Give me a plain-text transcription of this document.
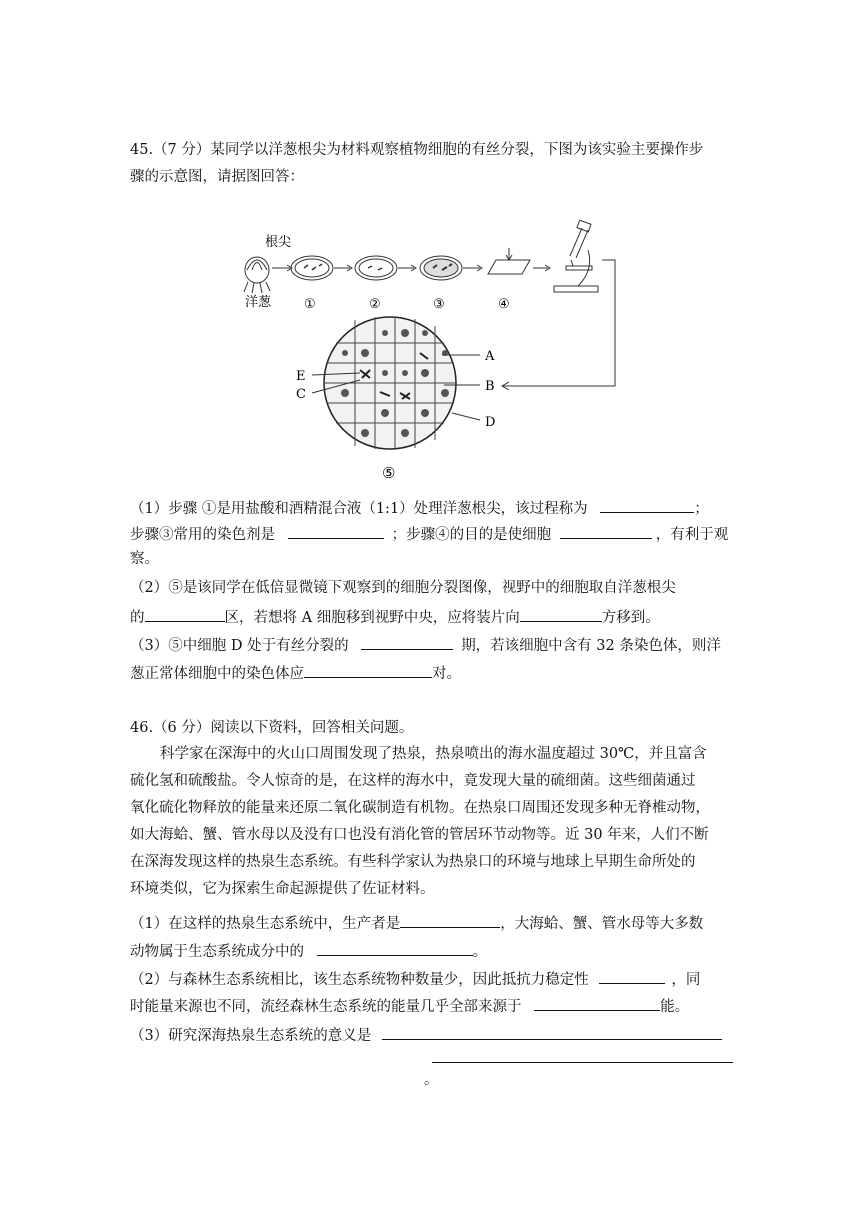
45.（7 分）某同学以洋葱根尖为材料观察植物细胞的有丝分裂，下图为该实验主要操作步
骤的示意图，请据图回答：
根尖
洋葱	①	②	③	④
A
B
C
D
E
⑤
（1）步骤 ①是用盐酸和酒精混合液（1:1）处理洋葱根尖，该过程称为	；
步骤③常用的染色剂是	；步骤④的目的是使细胞	，有利于观
察。
（2）⑤是该同学在低倍显微镜下观察到的细胞分裂图像，视野中的细胞取自洋葱根尖
的	区，若想将 A 细胞移到视野中央，应将装片向	方移到。
（3）⑤中细胞 D 处于有丝分裂的	期，若该细胞中含有 32 条染色体，则洋
葱正常体细胞中的染色体应	对。
46.（6 分）阅读以下资料，回答相关问题。
科学家在深海中的火山口周围发现了热泉，热泉喷出的海水温度超过 30℃，并且富含
硫化氢和硫酸盐。令人惊奇的是，在这样的海水中，竟发现大量的硫细菌。这些细菌通过
氧化硫化物释放的能量来还原二氧化碳制造有机物。在热泉口周围还发现多种无脊椎动物，
如大海蛤、蟹、管水母以及没有口也没有消化管的管居环节动物等。近 30 年来，人们不断
在深海发现这样的热泉生态系统。有些科学家认为热泉口的环境与地球上早期生命所处的
环境类似，它为探索生命起源提供了佐证材料。
（1）在这样的热泉生态系统中，生产者是	，大海蛤、蟹、管水母等大多数
动物属于生态系统成分中的	。
（2）与森林生态系统相比，该生态系统物种数量少，因此抵抗力稳定性	，同
时能量来源也不同，流经森林生态系统的能量几乎全部来源于	能。
（3）研究深海热泉生态系统的意义是
。
